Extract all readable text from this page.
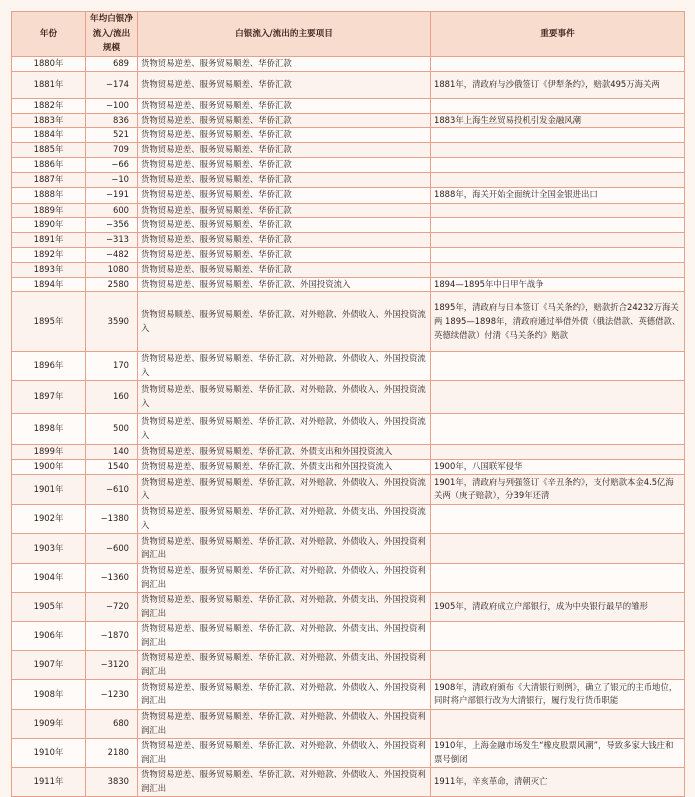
年份	年均白银净流入/流出规模	白银流入/流出的主要项目	重要事件
1880年	689	货物贸易逆差、服务贸易顺差、华侨汇款	
1881年	−174	货物贸易逆差、服务贸易顺差、华侨汇款	1881年，清政府与沙俄签订《伊犁条约》，赔款495万海关两
1882年	−100	货物贸易逆差、服务贸易顺差、华侨汇款	
1883年	836	货物贸易逆差、服务贸易顺差、华侨汇款	1883年上海生丝贸易投机引发金融风潮
1884年	521	货物贸易逆差、服务贸易顺差、华侨汇款	
1885年	709	货物贸易逆差、服务贸易顺差、华侨汇款	
1886年	−66	货物贸易逆差、服务贸易顺差、华侨汇款	
1887年	−10	货物贸易逆差、服务贸易顺差、华侨汇款	
1888年	−191	货物贸易逆差、服务贸易顺差、华侨汇款	1888年，海关开始全面统计全国金银进出口
1889年	600	货物贸易逆差、服务贸易顺差、华侨汇款	
1890年	−356	货物贸易逆差、服务贸易顺差、华侨汇款	
1891年	−313	货物贸易逆差、服务贸易顺差、华侨汇款	
1892年	−482	货物贸易逆差、服务贸易顺差、华侨汇款	
1893年	1080	货物贸易逆差、服务贸易顺差、华侨汇款	
1894年	2580	货物贸易逆差、服务贸易顺差、华侨汇款、外国投资流入	1894—1895年中日甲午战争
1895年	3590	货物贸易顺差、服务贸易顺差、华侨汇款、对外赔款、外债收入、外国投资流入	1895年，清政府与日本签订《马关条约》，赔款折合24232万海关两 1895—1898年，清政府通过举借外债（俄法借款、英德借款、英德续借款）付清《马关条约》赔款
1896年	170	货物贸易逆差、服务贸易顺差、华侨汇款、对外赔款、外债收入、外国投资流入	
1897年	160	货物贸易逆差、服务贸易顺差、华侨汇款、对外赔款、外债收入、外国投资流入	
1898年	500	货物贸易逆差、服务贸易顺差、华侨汇款、对外赔款、外债收入、外国投资流入	
1899年	140	货物贸易逆差、服务贸易顺差、华侨汇款、外债支出和外国投资流入	
1900年	1540	货物贸易逆差、服务贸易顺差、华侨汇款、外债支出和外国投资流入	1900年，八国联军侵华
1901年	−610	货物贸易逆差、服务贸易顺差、华侨汇款、对外赔款、外债收入、外国投资流入	1901年，清政府与列强签订《辛丑条约》，支付赔款本金4.5亿海关两（庚子赔款），分39年还清
1902年	−1380	货物贸易逆差、服务贸易顺差、华侨汇款、对外赔款、外债支出、外国投资流入	
1903年	−600	货物贸易逆差、服务贸易顺差、华侨汇款、对外赔款、外债收入、外国投资利润汇出	
1904年	−1360	货物贸易逆差、服务贸易顺差、华侨汇款、对外赔款、外债收入、外国投资利润汇出	
1905年	−720	货物贸易逆差、服务贸易顺差、华侨汇款、对外赔款、外债支出、外国投资利润汇出	1905年，清政府成立户部银行，成为中央银行最早的雏形
1906年	−1870	货物贸易逆差、服务贸易顺差、华侨汇款、对外赔款、外债支出、外国投资利润汇出	
1907年	−3120	货物贸易逆差、服务贸易顺差、华侨汇款、对外赔款、外债支出、外国投资利润汇出	
1908年	−1230	货物贸易逆差、服务贸易顺差、华侨汇款、对外赔款、外债收入、外国投资利润汇出	1908年，清政府颁布《大清银行则例》，确立了银元的主币地位，同时将户部银行改为大清银行，履行发行货币职能
1909年	680	货物贸易逆差、服务贸易顺差、华侨汇款、对外赔款、外债收入、外国投资利润汇出	
1910年	2180	货物贸易逆差、服务贸易顺差、华侨汇款、对外赔款、外债收入、外国投资利润汇出	1910年，上海金融市场发生“橡皮股票风潮”，导致多家大钱庄和票号倒闭
1911年	3830	货物贸易逆差、服务贸易顺差、华侨汇款、对外赔款、外债收入、外国投资利润汇出	1911年，辛亥革命，清朝灭亡
